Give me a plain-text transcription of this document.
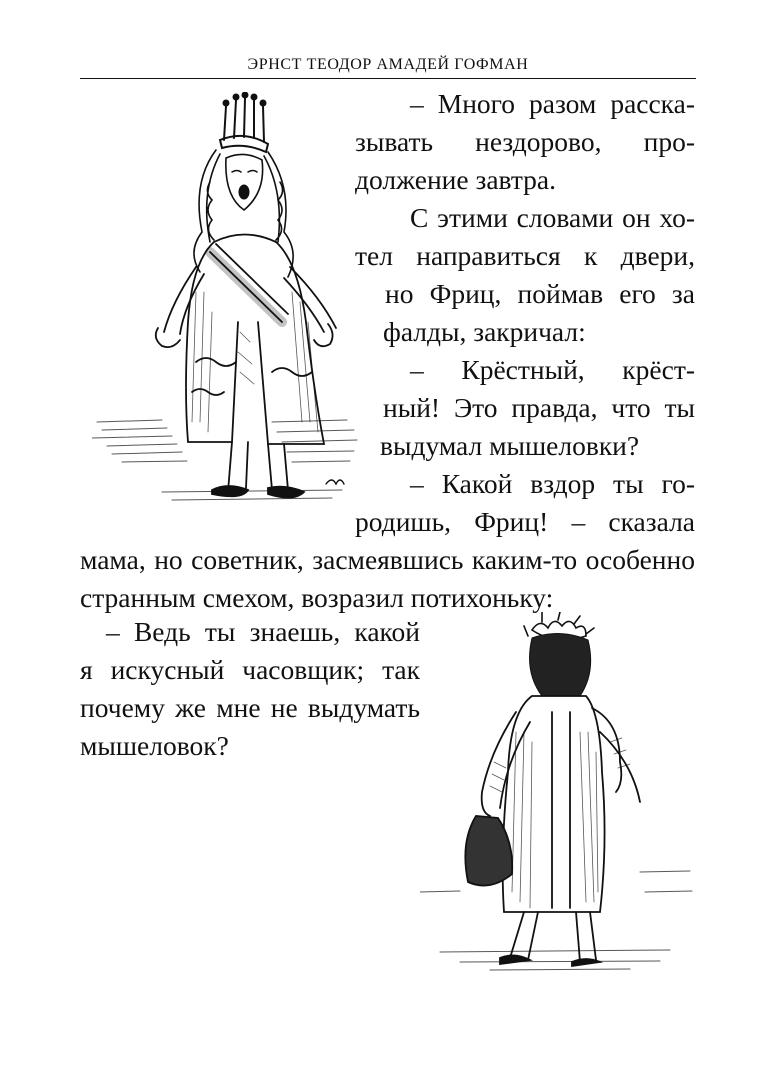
ЭРНСТ ТЕОДОР АМАДЕЙ ГОФМАН
– Много разом расска-
зывать нездорово, про-
должение завтра.
С этими словами он хо-
тел направиться к двери,
но Фриц, поймав его за
фалды, закричал:
– Крёстный, крёст-
ный! Это правда, что ты
выдумал мышеловки?
– Какой вздор ты го-
родишь, Фриц! – сказала
мама, но советник, засмеявшись каким-то особенно
странным смехом, возразил потихоньку:
– Ведь ты знаешь, какой
я искусный часовщик; так
почему же мне не выдумать
мышеловок?
